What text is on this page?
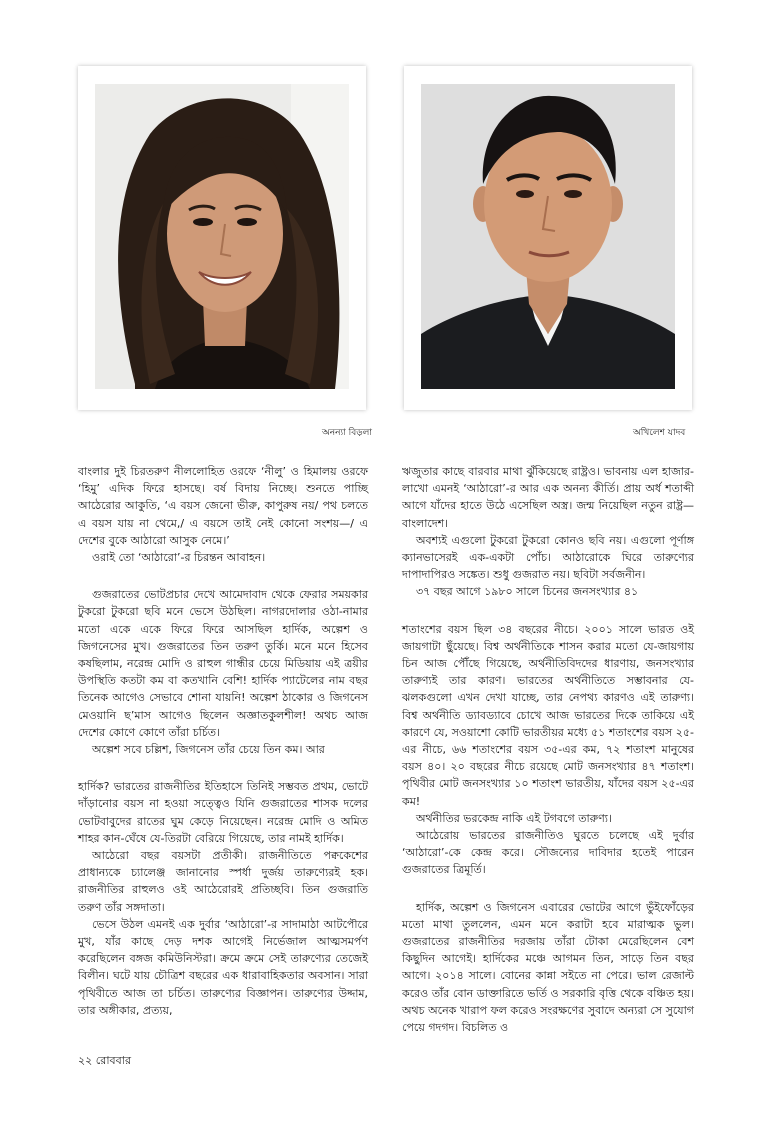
অনন্যা বিড়লা	অখিলেশ যাদব

বাংলার দুই চিরতরুণ নীললোহিত ওরফে ‘নীলু’ ও হিমালয় ওরফে ‘হিমু’ এদিক ফিরে হাসছে। বর্ষ বিদায় নিচ্ছে। শুনতে পাচ্ছি আঠেরোর আকুতি, ‘এ বয়স জেনো ভীরু, কাপুরুষ নয়/ পথ চলতে এ বয়স যায় না থেমে,/ এ বয়সে তাই নেই কোনো সংশয়—/ এ দেশের বুকে আঠারো আসুক নেমে।’

ওরাই তো ‘আঠারো’-র চিরন্তন আবাহন।

গুজরাতের ভোটপ্রচার দেখে আমেদাবাদ থেকে ফেরার সময়কার টুকরো টুকরো ছবি মনে ভেসে উঠছিল। নাগরদোলার ওঠা-নামার মতো একে একে ফিরে ফিরে আসছিল হার্দিক, অল্পেশ ও জিগনেসের মুখ। গুজরাতের তিন তরুণ তুর্কি। মনে মনে হিসেব কষছিলাম, নরেন্দ্র মোদি ও রাহুল গান্ধীর চেয়ে মিডিয়ায় এই ত্রয়ীর উপস্থিতি কতটা কম বা কতখানি বেশি! হার্দিক প্যাটেলের নাম বছর তিনেক আগেও সেভাবে শোনা যায়নি! অল্পেশ ঠাকোর ও জিগনেস মেওয়ানি ছ’মাস আগেও ছিলেন অজ্ঞাতকুলশীল! অথচ আজ দেশের কোণে কোণে তাঁরা চর্চিত।

অল্পেশ সবে চল্লিশ, জিগনেস তাঁর চেয়ে তিন কম। আর

হার্দিক? ভারতের রাজনীতির ইতিহাসে তিনিই সম্ভবত প্রথম, ভোটে দাঁড়ানোর বয়স না হওয়া সত্ত্বেও যিনি গুজরাতের শাসক দলের ভোটবাবুদের রাতের ঘুম কেড়ে নিয়েছেন। নরেন্দ্র মোদি ও অমিত শাহর কান-ঘেঁষে যে-তিরটা বেরিয়ে গিয়েছে, তার নামই হার্দিক।

আঠেরো বছর বয়সটা প্রতীকী। রাজনীতিতে পক্বকেশের প্রাধান্যকে চ্যালেঞ্জ জানানোর স্পর্ধা দুর্জয় তারুণ্যেরই হক। রাজনীতির রাহুলও ওই আঠেরোরই প্রতিচ্ছবি। তিন গুজরাতি তরুণ তাঁর সঙ্গদাতা।

ভেসে উঠল এমনই এক দুর্বার ‘আঠারো’-র সাদামাঠা আটপৌরে মুখ, যাঁর কাছে দেড় দশক আগেই নির্ভেজাল আত্মসমর্পণ করেছিলেন বঙ্গজ কমিউনিস্টরা। ক্রমে ক্রমে সেই তারুণ্যের তেজেই বিলীন। ঘটে যায় চৌত্রিশ বছরের এক ধারাবাহিকতার অবসান। সারা পৃথিবীতে আজ তা চর্চিত। তারুণ্যের বিজ্ঞাপন। তারুণ্যের উদ্দাম, তার অঙ্গীকার, প্রত্যয়,

ঋজুতার কাছে বারবার মাথা ঝুঁকিয়েছে রাষ্ট্রও। ভাবনায় এল হাজার-লাখো এমনই ‘আঠারো’-র আর এক অনন্য কীর্তি। প্রায় অর্ধ শতাব্দী আগে যাঁদের হাতে উঠে এসেছিল অস্ত্র। জন্ম নিয়েছিল নতুন রাষ্ট্র— বাংলাদেশ।

অবশ্যই এগুলো টুকরো টুকরো কোনও ছবি নয়। এগুলো পূর্ণাঙ্গ ক্যানভাসেরই এক-একটা পোঁচ। আঠারোকে ঘিরে তারুণ্যের দাপাদাপিরও সঙ্কেত। শুধু গুজরাত নয়। ছবিটা সর্বজনীন।

৩৭ বছর আগে ১৯৮০ সালে চিনের জনসংখ্যার ৪১

শতাংশের বয়স ছিল ৩৪ বছরের নীচে। ২০০১ সালে ভারত ওই জায়গাটা ছুঁয়েছে। বিশ্ব অর্থনীতিকে শাসন করার মতো যে-জায়গায় চিন আজ পৌঁছে গিয়েছে, অর্থনীতিবিদদের ধারণায়, জনসংখ্যার তারুণ্যই তার কারণ। ভারতের অর্থনীতিতে সম্ভাবনার যে-ঝলকগুলো এখন দেখা যাচ্ছে, তার নেপথ্য কারণও এই তারুণ্য। বিশ্ব অর্থনীতি ড্যাবড্যাবে চোখে আজ ভারতের দিকে তাকিয়ে এই কারণে যে, সওয়াশো কোটি ভারতীয়র মধ্যে ৫১ শতাংশের বয়স ২৫-এর নীচে, ৬৬ শতাংশের বয়স ৩৫-এর কম, ৭২ শতাংশ মানুষের বয়স ৪০। ২০ বছরের নীচে রয়েছে মোট জনসংখ্যার ৪৭ শতাংশ। পৃথিবীর মোট জনসংখ্যার ১০ শতাংশ ভারতীয়, যাঁদের বয়স ২৫-এর কম!

অর্থনীতির ভরকেন্দ্র নাকি এই টগবগে তারুণ্য।

আঠেরোয় ভারতের রাজনীতিও ঘুরতে চলেছে এই দুর্বার ‘আঠারো’-কে কেন্দ্র করে। সৌজন্যের দাবিদার হতেই পারেন গুজরাতের ত্রিমূর্তি।

হার্দিক, অল্পেশ ও জিগনেস এবারের ভোটের আগে ভুঁইফোঁড়ের মতো মাথা তুললেন, এমন মনে করাটা হবে মারাত্মক ভুল। গুজরাতের রাজনীতির দরজায় তাঁরা টোকা মেরেছিলেন বেশ কিছুদিন আগেই। হার্দিকের মঞ্চে আগমন তিন, সাড়ে তিন বছর আগে। ২০১৪ সালে। বোনের কান্না সইতে না পেরে। ভাল রেজাল্ট করেও তাঁর বোন ডাক্তারিতে ভর্তি ও সরকারি বৃত্তি থেকে বঞ্চিত হয়। অথচ অনেক খারাপ ফল করেও সংরক্ষণের সুবাদে অন্যরা সে সুযোগ পেয়ে গদগদ। বিচলিত ও

২২ রোববার
